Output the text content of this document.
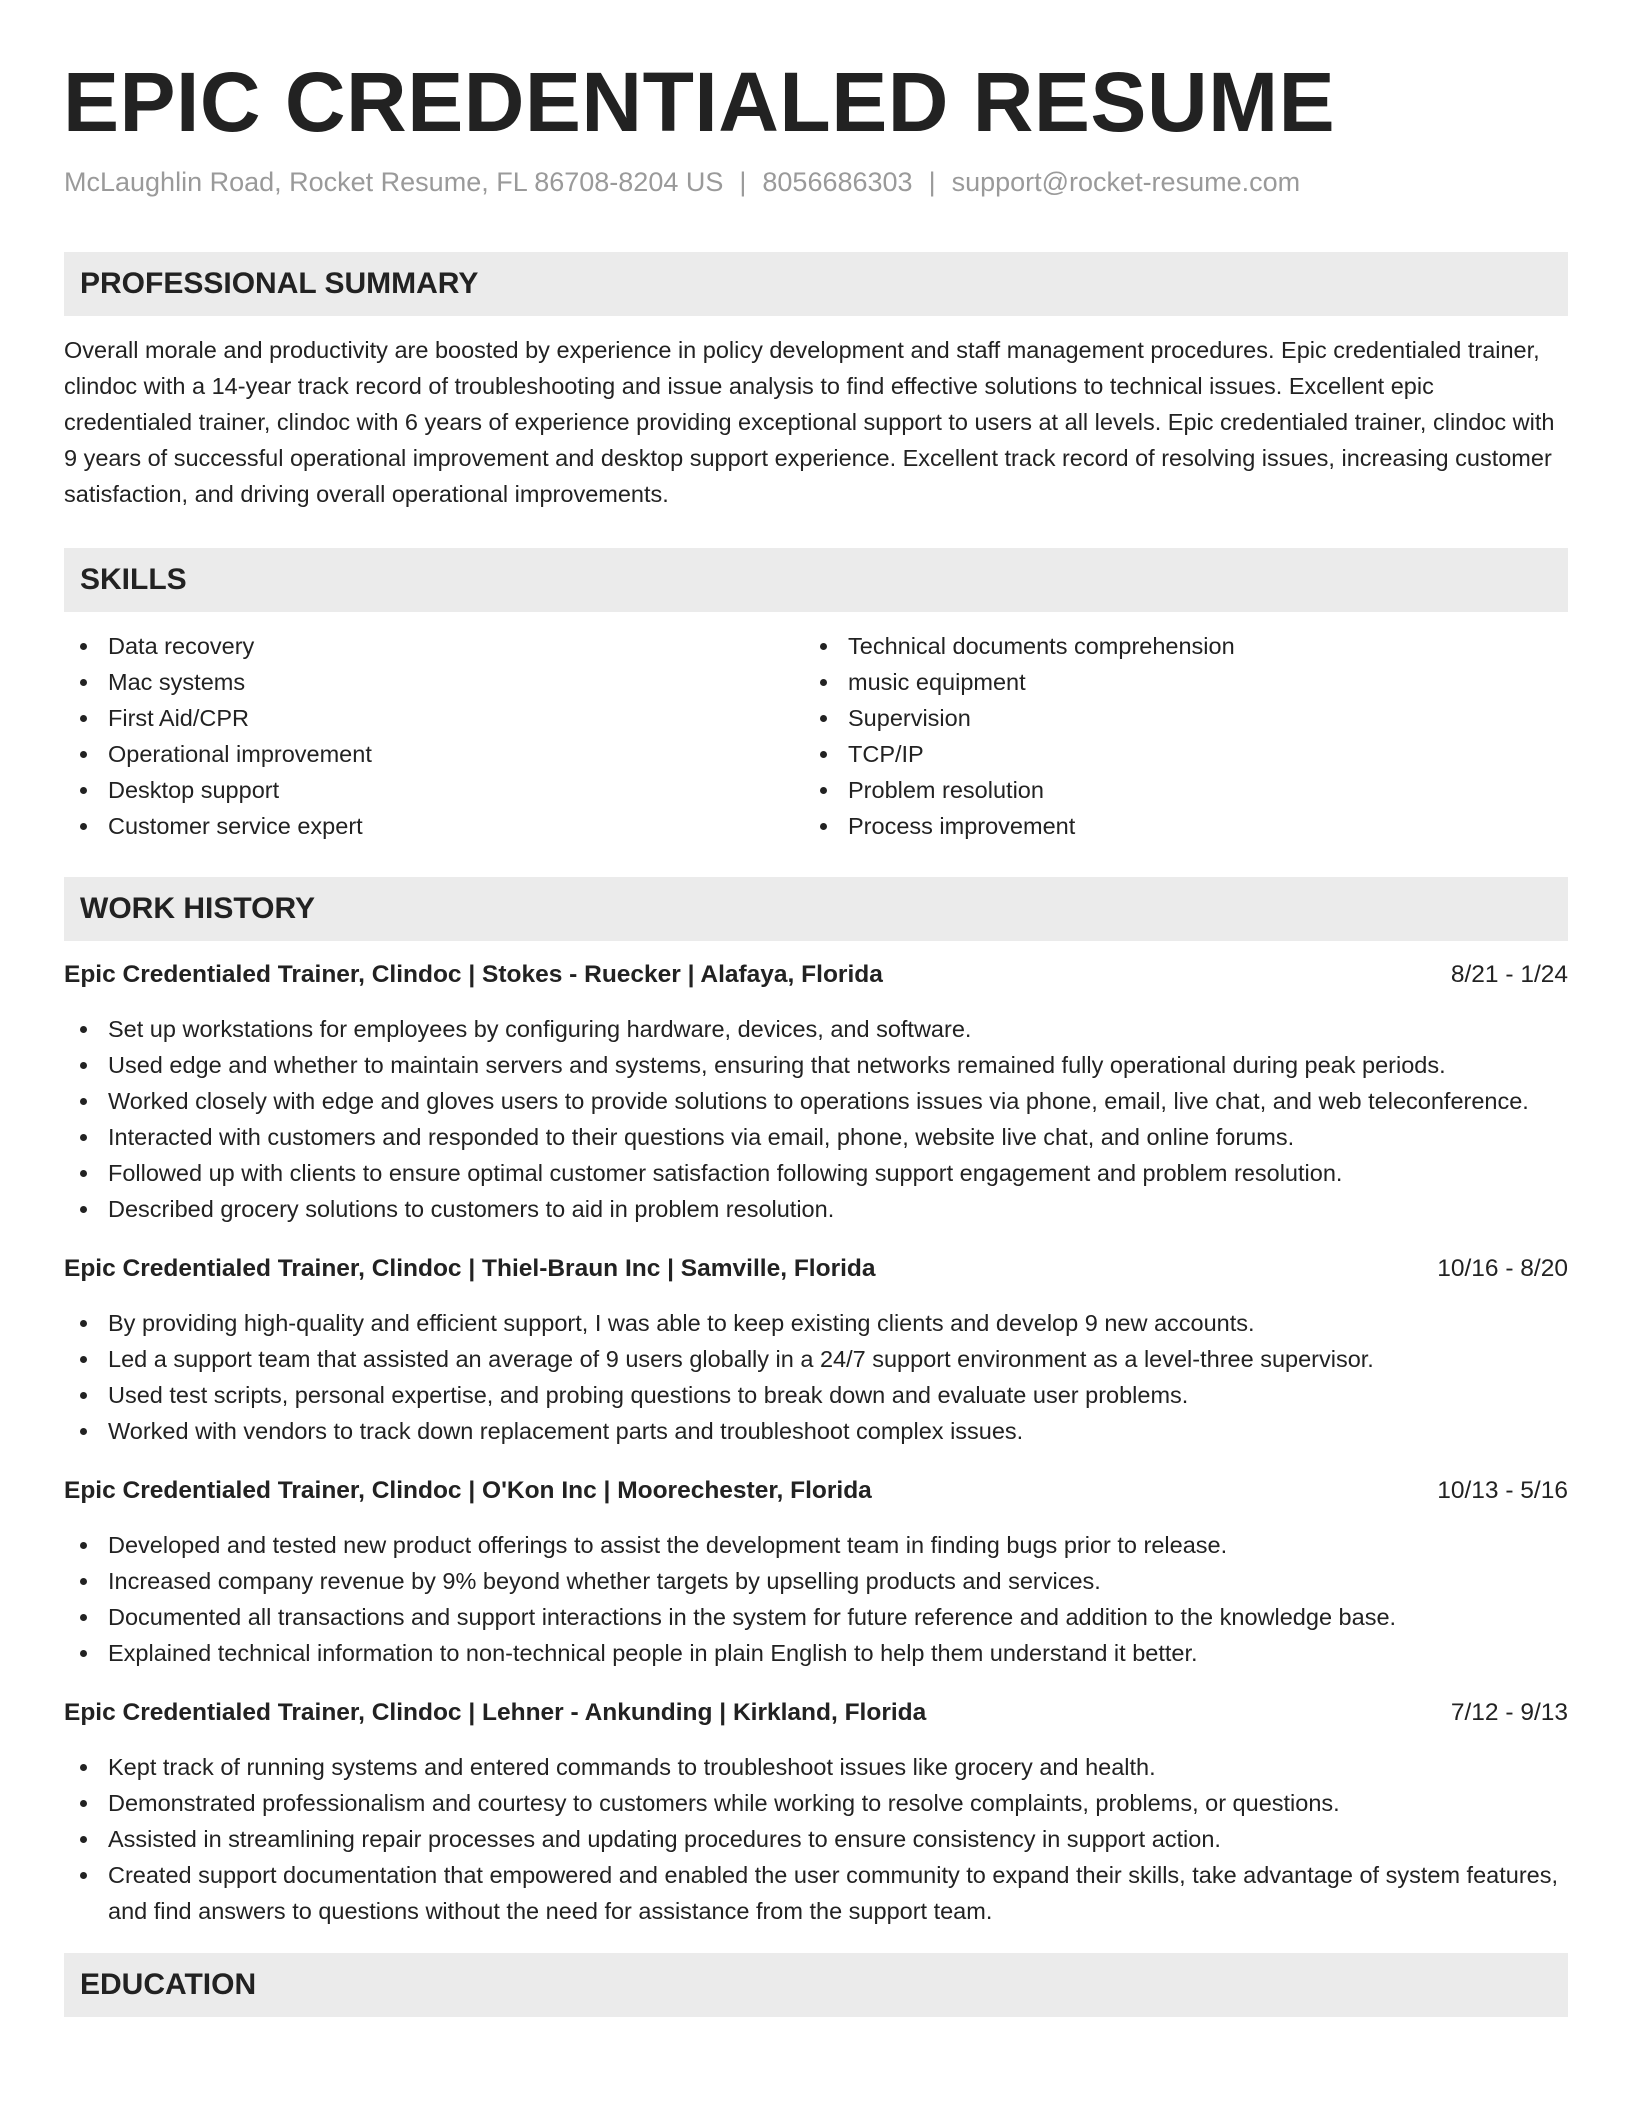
EPIC CREDENTIALED RESUME
McLaughlin Road, Rocket Resume, FL 86708-8204 US | 8056686303 | support@rocket-resume.com
PROFESSIONAL SUMMARY
Overall morale and productivity are boosted by experience in policy development and staff management procedures. Epic credentialed trainer, clindoc with a 14-year track record of troubleshooting and issue analysis to find effective solutions to technical issues. Excellent epic credentialed trainer, clindoc with 6 years of experience providing exceptional support to users at all levels. Epic credentialed trainer, clindoc with 9 years of successful operational improvement and desktop support experience. Excellent track record of resolving issues, increasing customer satisfaction, and driving overall operational improvements.
SKILLS
Data recovery
Mac systems
First Aid/CPR
Operational improvement
Desktop support
Customer service expert
Technical documents comprehension
music equipment
Supervision
TCP/IP
Problem resolution
Process improvement
WORK HISTORY
Epic Credentialed Trainer, Clindoc | Stokes - Ruecker | Alafaya, Florida	8/21 - 1/24
Set up workstations for employees by configuring hardware, devices, and software.
Used edge and whether to maintain servers and systems, ensuring that networks remained fully operational during peak periods.
Worked closely with edge and gloves users to provide solutions to operations issues via phone, email, live chat, and web teleconference.
Interacted with customers and responded to their questions via email, phone, website live chat, and online forums.
Followed up with clients to ensure optimal customer satisfaction following support engagement and problem resolution.
Described grocery solutions to customers to aid in problem resolution.
Epic Credentialed Trainer, Clindoc | Thiel-Braun Inc | Samville, Florida	10/16 - 8/20
By providing high-quality and efficient support, I was able to keep existing clients and develop 9 new accounts.
Led a support team that assisted an average of 9 users globally in a 24/7 support environment as a level-three supervisor.
Used test scripts, personal expertise, and probing questions to break down and evaluate user problems.
Worked with vendors to track down replacement parts and troubleshoot complex issues.
Epic Credentialed Trainer, Clindoc | O'Kon Inc | Moorechester, Florida	10/13 - 5/16
Developed and tested new product offerings to assist the development team in finding bugs prior to release.
Increased company revenue by 9% beyond whether targets by upselling products and services.
Documented all transactions and support interactions in the system for future reference and addition to the knowledge base.
Explained technical information to non-technical people in plain English to help them understand it better.
Epic Credentialed Trainer, Clindoc | Lehner - Ankunding | Kirkland, Florida	7/12 - 9/13
Kept track of running systems and entered commands to troubleshoot issues like grocery and health.
Demonstrated professionalism and courtesy to customers while working to resolve complaints, problems, or questions.
Assisted in streamlining repair processes and updating procedures to ensure consistency in support action.
Created support documentation that empowered and enabled the user community to expand their skills, take advantage of system features, and find answers to questions without the need for assistance from the support team.
EDUCATION
